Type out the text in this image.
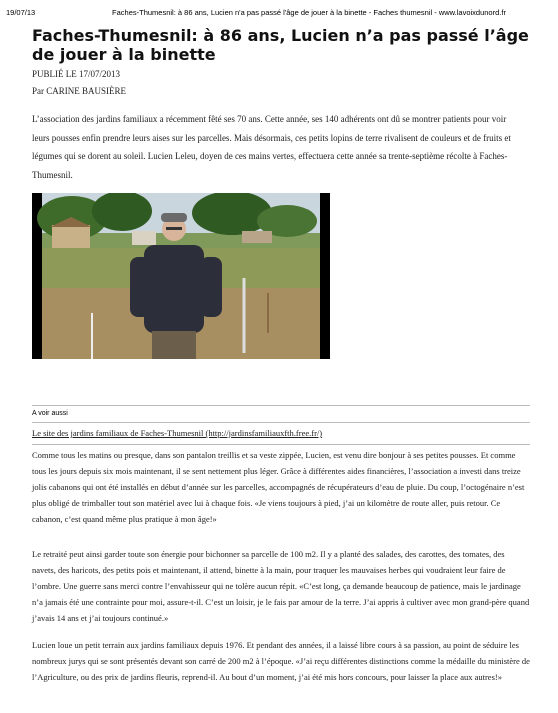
19/07/13	Faches-Thumesnil: à 86 ans, Lucien n'a pas passé l'âge de jouer à la binette - Faches thumesnil - www.lavoixdunord.fr
Faches-Thumesnil: à 86 ans, Lucien n’a pas passé l’âge de jouer à la binette
PUBLIÉ LE 17/07/2013
Par CARINE BAUSIÈRE

L’association des jardins familiaux a récemment fêté ses 70 ans. Cette année, ses 140 adhérents ont dû se montrer patients pour voir leurs pousses enfin prendre leurs aises sur les parcelles. Mais désormais, ces petits lopins de terre rivalisent de couleurs et de fruits et légumes qui se dorent au soleil. Lucien Leleu, doyen de ces mains vertes, effectuera cette année sa trente-septième récolte à Faches-Thumesnil.

A voir aussi
Le site des jardins familiaux de Faches-Thumesnil (http://jardinsfamiliauxfth.free.fr/)

Comme tous les matins ou presque, dans son pantalon treillis et sa veste zippée, Lucien, est venu dire bonjour à ses petites pousses. Et comme tous les jours depuis six mois maintenant, il se sent nettement plus léger. Grâce à différentes aides financières, l’association a investi dans treize jolis cabanons qui ont été installés en début d’année sur les parcelles, accompagnés de récupérateurs d’eau de pluie. Du coup, l’octogénaire n’est plus obligé de trimballer tout son matériel avec lui à chaque fois. «Je viens toujours à pied, j’ai un kilomètre de route aller, puis retour. Ce cabanon, c’est quand même plus pratique à mon âge!»

Le retraité peut ainsi garder toute son énergie pour bichonner sa parcelle de 100 m2. Il y a planté des salades, des carottes, des tomates, des navets, des haricots, des petits pois et maintenant, il attend, binette à la main, pour traquer les mauvaises herbes qui voudraient leur faire de l’ombre. Une guerre sans merci contre l’envahisseur qui ne tolère aucun répit. «C’est long, ça demande beaucoup de patience, mais le jardinage n’a jamais été une contrainte pour moi, assure-t-il. C’est un loisir, je le fais par amour de la terre. J’ai appris à cultiver avec mon grand-père quand j’avais 14 ans et j’ai toujours continué.»

Lucien loue un petit terrain aux jardins familiaux depuis 1976. Et pendant des années, il a laissé libre cours à sa passion, au point de séduire les nombreux jurys qui se sont présentés devant son carré de 200 m2 à l’époque. «J’ai reçu différentes distinctions comme la médaille du ministère de l’Agriculture, ou des prix de jardins fleuris, reprend-il. Au bout d’un moment, j’ai été mis hors concours, pour laisser la place aux autres!»
